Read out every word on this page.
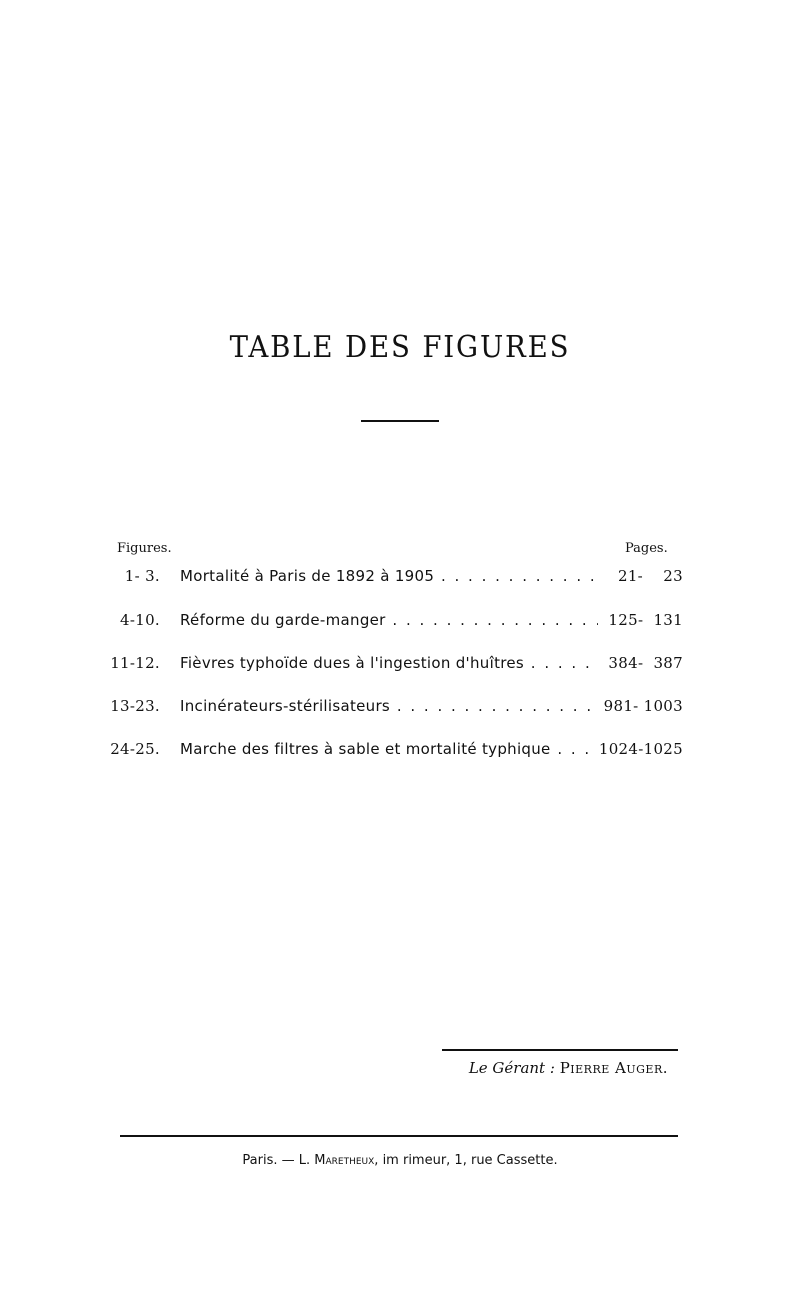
TABLE DES FIGURES
Figures.	Pages.
1- 3. Mortalité à Paris de 1892 à 1905 . . .	21-    23
4-10. Réforme du garde-manger . . .	125-  131
11-12. Fièvres typhoïde dues à l'ingestion d'huîtres . . .	384-  387
13-23. Incinérateurs-stérilisateurs . . .	981- 1003
24-25. Marche des filtres à sable et mortalité typhique . . .	1024-1025
Le Gérant : Pierre Auger.
Paris. — L. Maretheux, im rimeur, 1, rue Cassette.
